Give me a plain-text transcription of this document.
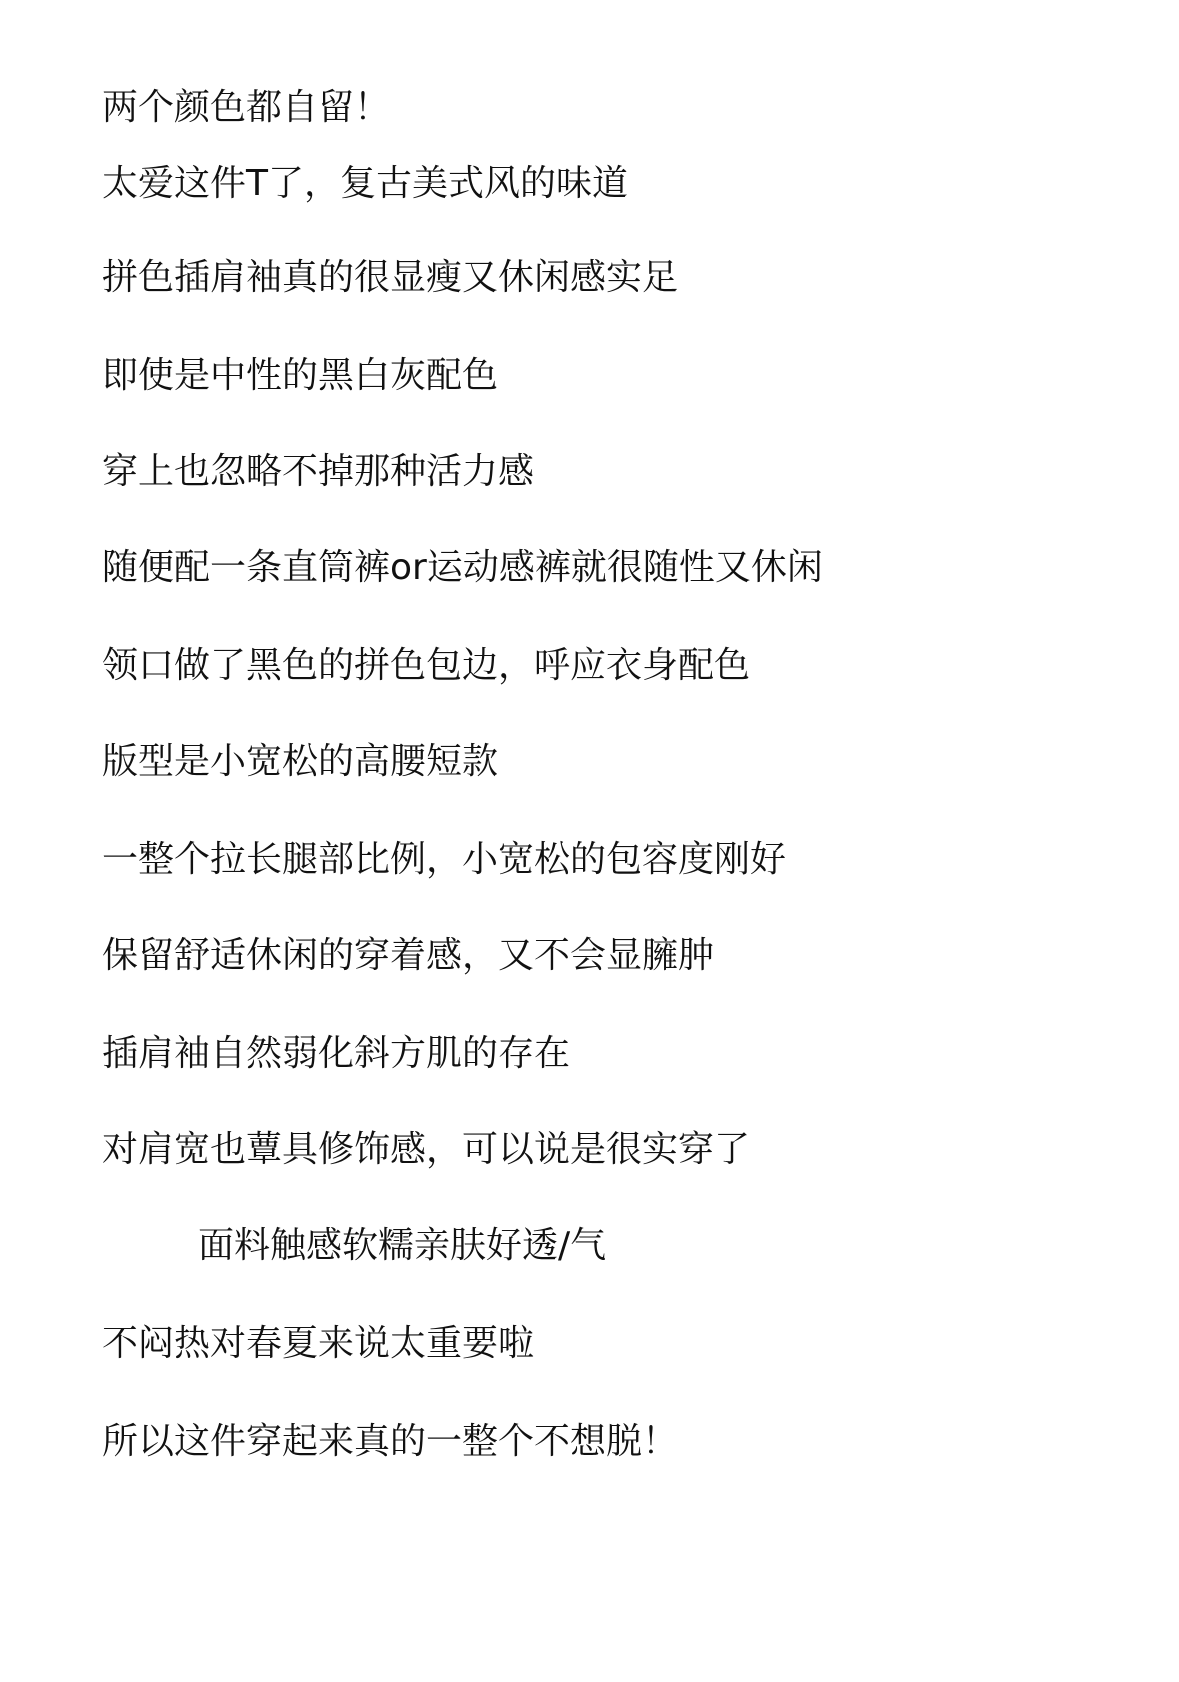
两个颜色都自留！

太爱这件T了，复古美式风的味道

拼色插肩袖真的很显瘦又休闲感实足

即使是中性的黑白灰配色

穿上也忽略不掉那种活力感

随便配一条直筒裤or运动感裤就很随性又休闲

领口做了黑色的拼色包边，呼应衣身配色

版型是小宽松的高腰短款

一整个拉长腿部比例，小宽松的包容度刚好

保留舒适休闲的穿着感，又不会显臃肿

插肩袖自然弱化斜方肌的存在

对肩宽也蕈具修饰感，可以说是很实穿了

面料触感软糯亲肤好透/气

不闷热对春夏来说太重要啦

所以这件穿起来真的一整个不想脱！
